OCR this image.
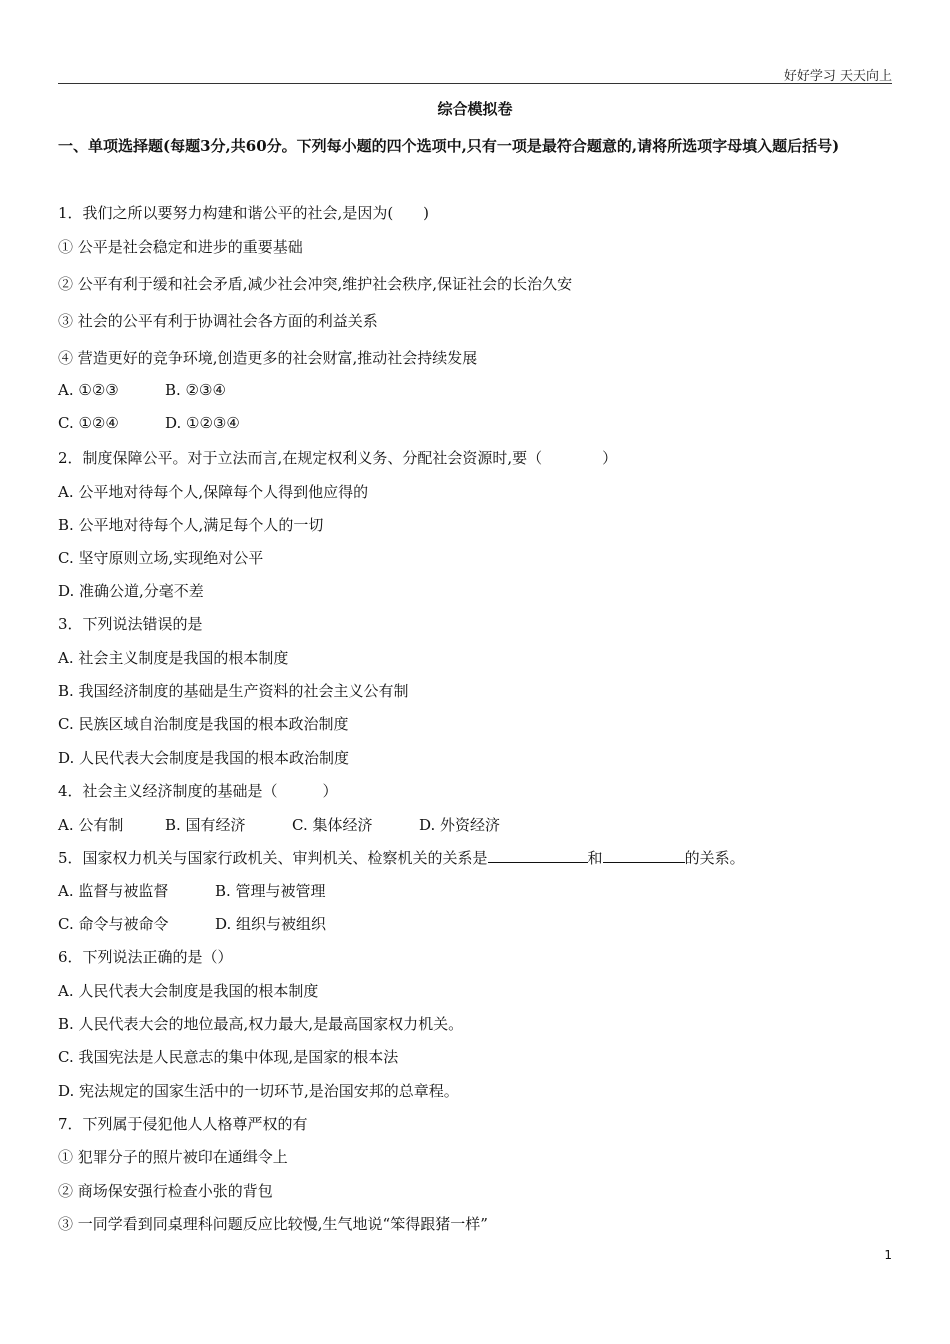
好好学习 天天向上
综合模拟卷
一、单项选择题(每题3分,共60分。下列每小题的四个选项中,只有一项是最符合题意的,请将所选项字母填入题后括号)
1．我们之所以要努力构建和谐公平的社会,是因为(　　)
① 公平是社会稳定和进步的重要基础
② 公平有利于缓和社会矛盾,减少社会冲突,维护社会秩序,保证社会的长治久安
③ 社会的公平有利于协调社会各方面的利益关系
④ 营造更好的竞争环境,创造更多的社会财富,推动社会持续发展
A. ①②③	B. ②③④
C. ①②④	D. ①②③④
2．制度保障公平。对于立法而言,在规定权利义务、分配社会资源时,要（　　　　）
A. 公平地对待每个人,保障每个人得到他应得的
B. 公平地对待每个人,满足每个人的一切
C. 坚守原则立场,实现绝对公平
D. 准确公道,分毫不差
3．下列说法错误的是
A. 社会主义制度是我国的根本制度
B. 我国经济制度的基础是生产资料的社会主义公有制
C. 民族区域自治制度是我国的根本政治制度
D. 人民代表大会制度是我国的根本政治制度
4．社会主义经济制度的基础是（　　　）
A. 公有制	B. 国有经济	C. 集体经济	D. 外资经济
5．国家权力机关与国家行政机关、审判机关、检察机关的关系是	和	的关系。
A. 监督与被监督	B. 管理与被管理
C. 命令与被命令	D. 组织与被组织
6．下列说法正确的是（）
A. 人民代表大会制度是我国的根本制度
B. 人民代表大会的地位最高,权力最大,是最高国家权力机关。
C. 我国宪法是人民意志的集中体现,是国家的根本法
D. 宪法规定的国家生活中的一切环节,是治国安邦的总章程。
7．下列属于侵犯他人人格尊严权的有
① 犯罪分子的照片被印在通缉令上
② 商场保安强行检查小张的背包
③ 一同学看到同桌理科问题反应比较慢,生气地说“笨得跟猪一样”
1
